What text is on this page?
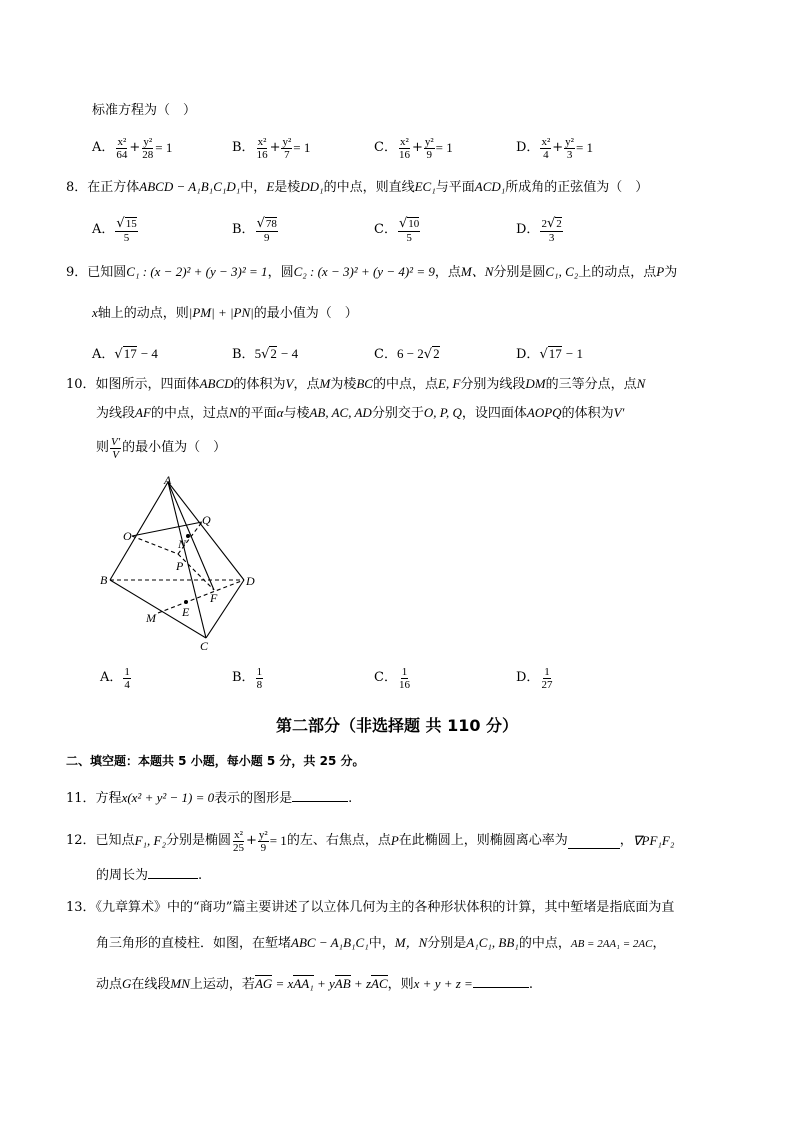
标准方程为（　）
A． $\frac{\text{x²}}{64} + \frac{\text{y²}}{28} = 1$	B． $\frac{\text{x²}}{16} + \frac{\text{y²}}{7} = 1$	C． $\frac{\text{x²}}{16} + \frac{\text{y²}}{9} = 1$	D． $\frac{\text{x²}}{4} + \frac{\text{y²}}{3} = 1$
8．在正方体ABCD − A₁B₁C₁D₁中，E是棱DD₁的中点，则直线EC₁与平面ACD₁所成角的正弦值为（　）
A． $\frac{√15}{5}$	B． $\frac{√78}{9}$	C． $\frac{√10}{5}$	D． $\frac{2√2}{3}$
9．已知圆C₁ : (x − 2)² + (y − 3)² = 1，圆C₂ : (x − 3)² + (y − 4)² = 9，点M、N分别是圆C₁, C₂上的动点，点P为
x轴上的动点，则|PM| + |PN|的最小值为（　）
A．√17 − 4	B．5√2 − 4	C．6 − 2√2	D．√17 − 1
10．如图所示，四面体ABCD的体积为V，点M为棱BC的中点，点E, F分别为线段DM的三等分点，点N
为线段AF的中点，过点N的平面α与棱AB, AC, AD分别交于O, P, Q，设四面体AOPQ的体积为V′
则 $\frac{V'}{V}$ 的最小值为（　）
A
B
C
D
O
Q
N
P
M E
F
A． $\frac{1}{4}$	B． $\frac{1}{8}$	C． $\frac{1}{16}$	D． $\frac{1}{27}$
第二部分（非选择题 共 110 分）
二、填空题：本题共 5 小题，每小题 5 分，共 25 分。
11．方程x(x² + y² − 1) = 0表示的图形是	.
12． 已知点 F₁, F₂ 分别是椭圆 $\frac{\text{x²}}{25} + \frac{\text{y²}}{9} = 1$ 的左、右焦点，点 P 在此椭圆上，则椭圆离心率为	， ∇PF₁F₂
的周长为	.
13．《九章算术》中的“商功”篇主要讲述了以立体几何为主的各种形状体积的计算，其中堑堵是指底面为直
角三角形的直棱柱．如图，在堑堵ABC − A₁B₁C₁中，M，N分别是A₁C₁, BB₁的中点，AB = 2AA₁ = 2AC，
动点G在线段MN上运动，若AG = xAA₁ + yAB + zAC，则x + y + z =	.
